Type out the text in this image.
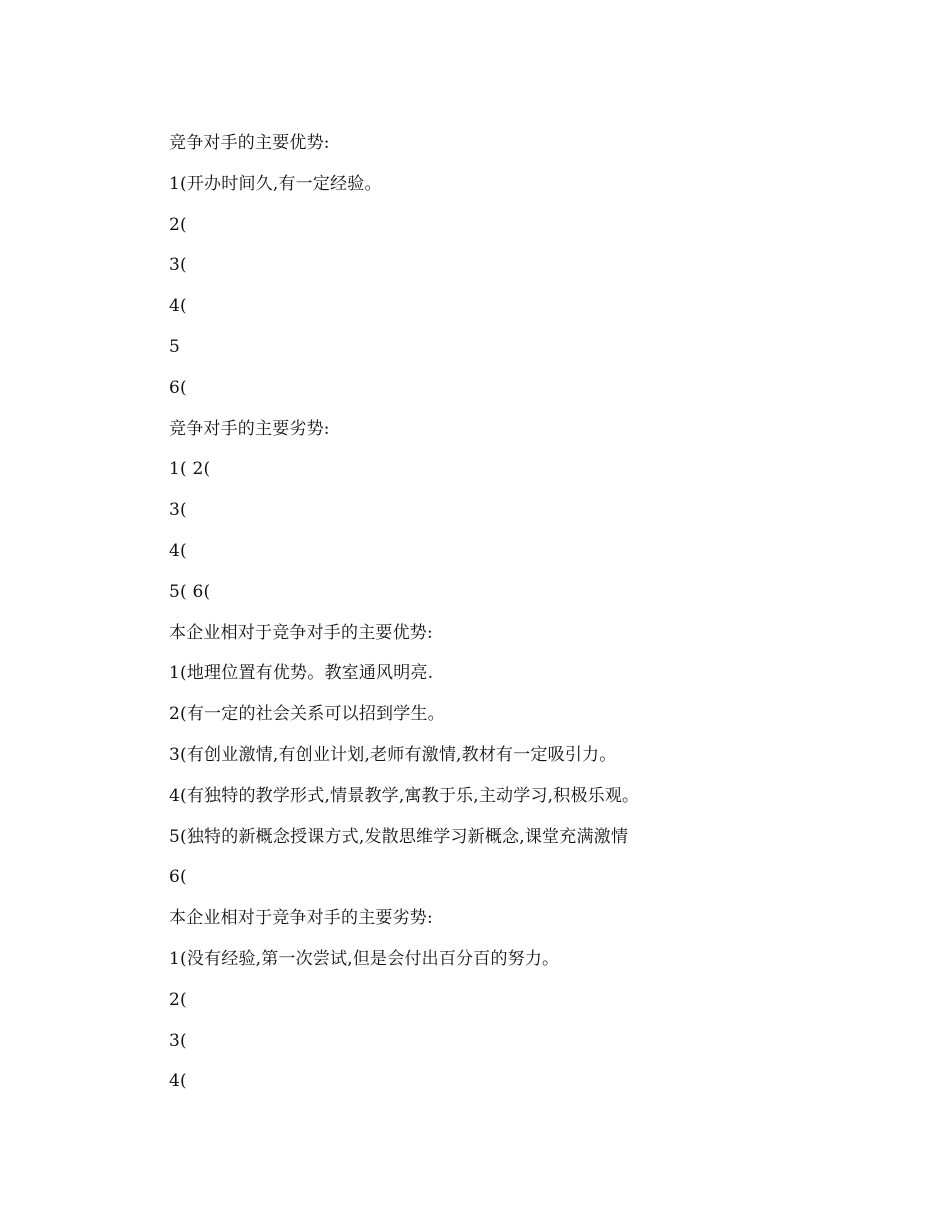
竞争对手的主要优势:
1(开办时间久,有一定经验。
2(
3(
4(
5
6(
竞争对手的主要劣势:
1( 2(
3(
4(
5( 6(
本企业相对于竞争对手的主要优势:
1(地理位置有优势。教室通风明亮.
2(有一定的社会关系可以招到学生。
3(有创业激情,有创业计划,老师有激情,教材有一定吸引力。
4(有独特的教学形式,情景教学,寓教于乐,主动学习,积极乐观。
5(独特的新概念授课方式,发散思维学习新概念,课堂充满激情
6(
本企业相对于竞争对手的主要劣势:
1(没有经验,第一次尝试,但是会付出百分百的努力。
2(
3(
4(
